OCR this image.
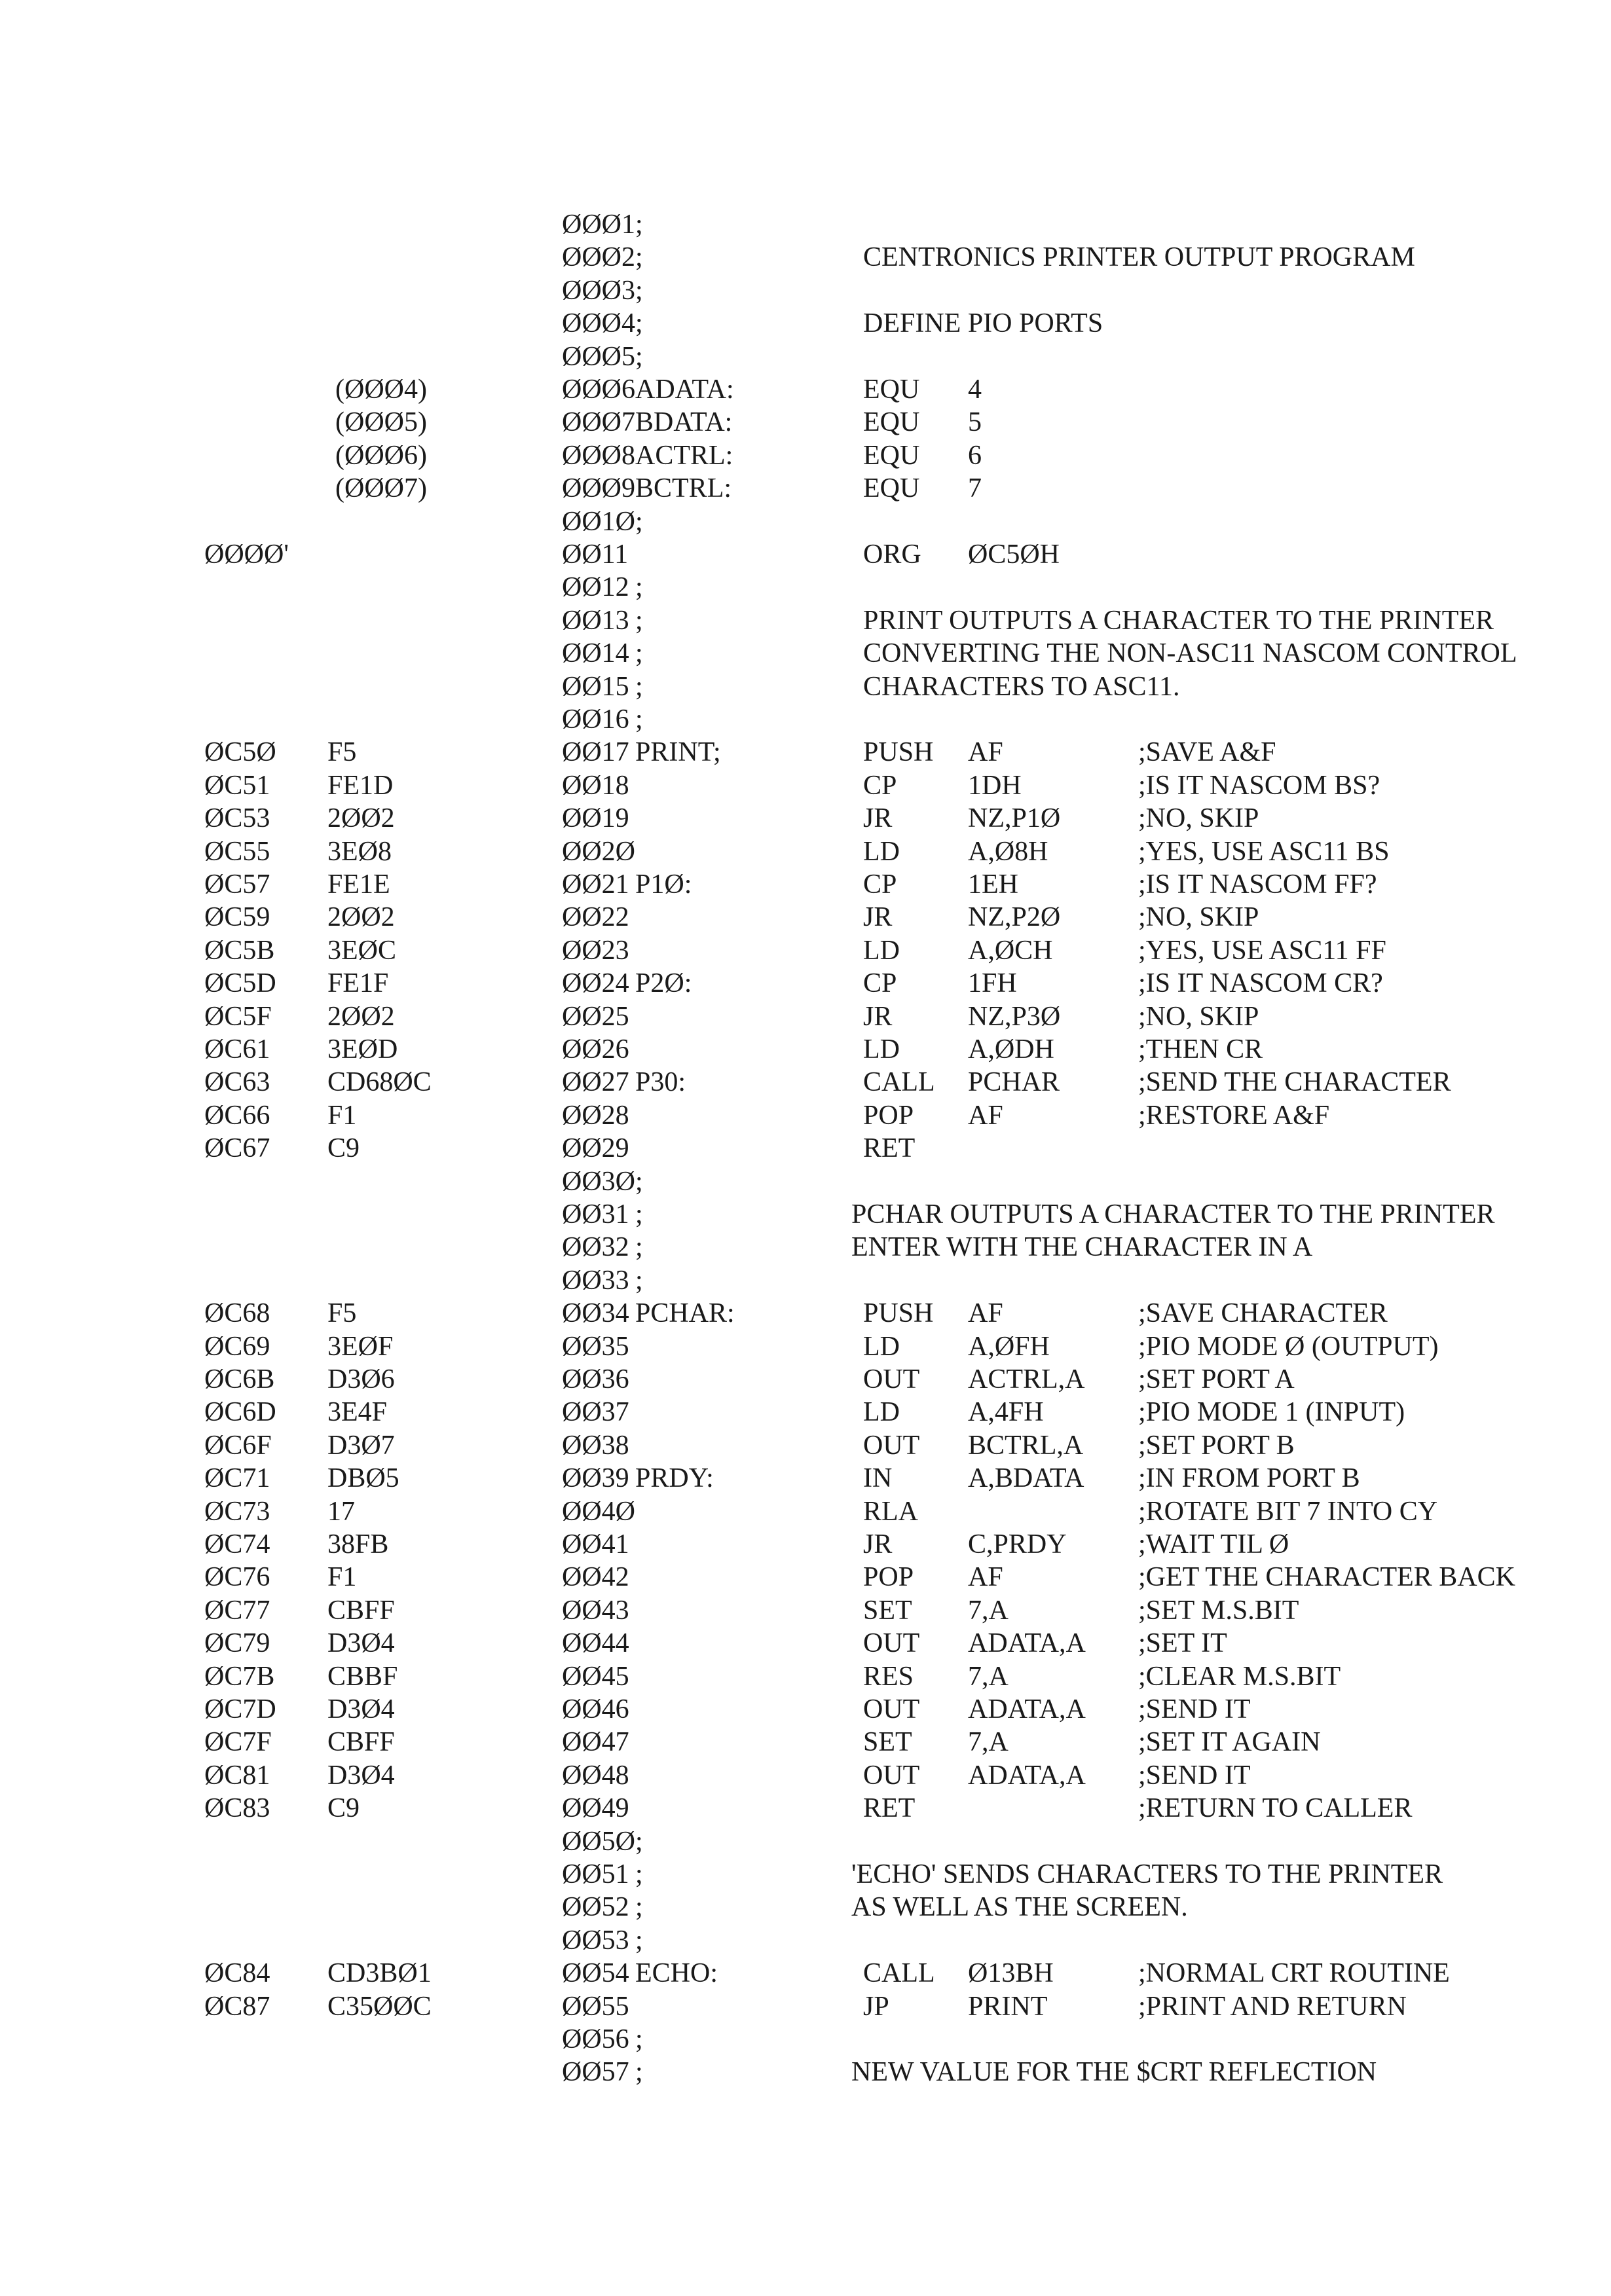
ØØØ1 ;
ØØØ2 ;	CENTRONICS PRINTER OUTPUT PROGRAM
ØØØ3 ;
ØØØ4 ;	DEFINE PIO PORTS
ØØØ5 ;
(ØØØ4)	ØØØ6 ADATA:	EQU 4
(ØØØ5)	ØØØ7 BDATA:	EQU 5
(ØØØ6)	ØØØ8 ACTRL:	EQU 6
(ØØØ7)	ØØØ9 BCTRL:	EQU 7
ØØ1Ø ;
ØØØØ'	ØØ11	ORG ØC5ØH
ØØ12 ;
ØØ13 ;	PRINT OUTPUTS A CHARACTER TO THE PRINTER
ØØ14 ;	CONVERTING THE NON-ASC11 NASCOM CONTROL
ØØ15 ;	CHARACTERS TO ASC11.
ØØ16 ;
ØC5Ø F5	ØØ17 PRINT;	PUSH AF	;SAVE A&F
ØC51 FE1D	ØØ18	CP	1DH	;IS IT NASCOM BS?
ØC53 2ØØ2	ØØ19	JR	NZ,P1Ø	;NO, SKIP
ØC55 3EØ8	ØØ2Ø	LD A,Ø8H	;YES, USE ASC11 BS
ØC57 FE1E	ØØ21 P1Ø:	CP	1EH	;IS IT NASCOM FF?
ØC59 2ØØ2	ØØ22	JR	NZ,P2Ø	;NO, SKIP
ØC5B 3EØC	ØØ23	LD A,ØCH	;YES, USE ASC11 FF
ØC5D FE1F	ØØ24 P2Ø:	CP	1FH	;IS IT NASCOM CR?
ØC5F 2ØØ2	ØØ25	JR	NZ,P3Ø	;NO, SKIP
ØC61 3EØD	ØØ26	LD A,ØDH	;THEN CR
ØC63 CD68ØC	ØØ27 P30:	CALL PCHAR	;SEND THE CHARACTER
ØC66 F1	ØØ28	POP AF	;RESTORE A&F
ØC67 C9	ØØ29	RET
ØØ3Ø ;
ØØ31 ;	PCHAR OUTPUTS A CHARACTER TO THE PRINTER
ØØ32 ;	ENTER WITH THE CHARACTER IN A
ØØ33 ;
ØC68 F5	ØØ34 PCHAR:	PUSH AF	;SAVE CHARACTER
ØC69 3EØF	ØØ35	LD A,ØFH	;PIO MODE Ø (OUTPUT)
ØC6B D3Ø6	ØØ36	OUT ACTRL,A ;SET PORT A
ØC6D 3E4F	ØØ37	LD A,4FH	;PIO MODE 1 (INPUT)
ØC6F D3Ø7	ØØ38	OUT BCTRL,A ;SET PORT B
ØC71 DBØ5	ØØ39 PRDY:	IN	A,BDATA ;IN FROM PORT B
ØC73 17	ØØ4Ø	RLA	;ROTATE BIT 7 INTO CY
ØC74 38FB	ØØ41	JR	C,PRDY	;WAIT TIL Ø
ØC76 F1	ØØ42	POP AF	;GET THE CHARACTER BACK
ØC77 CBFF	ØØ43	SET 7,A	;SET M.S.BIT
ØC79 D3Ø4	ØØ44	OUT ADATA,A ;SET IT
ØC7B CBBF	ØØ45	RES 7,A	;CLEAR M.S.BIT
ØC7D D3Ø4	ØØ46	OUT ADATA,A ;SEND IT
ØC7F CBFF	ØØ47	SET 7,A	;SET IT AGAIN
ØC81 D3Ø4	ØØ48	OUT ADATA,A ;SEND IT
ØC83 C9	ØØ49	RET	;RETURN TO CALLER
ØØ5Ø ;
ØØ51 ;	'ECHO' SENDS CHARACTERS TO THE PRINTER
ØØ52 ;	AS WELL AS THE SCREEN.
ØØ53 ;
ØC84 CD3BØ1	ØØ54 ECHO:	CALL Ø13BH	;NORMAL CRT ROUTINE
ØC87 C35ØØC	ØØ55	JP	PRINT	;PRINT AND RETURN
ØØ56 ;
ØØ57 ;	NEW VALUE FOR THE $CRT REFLECTION
